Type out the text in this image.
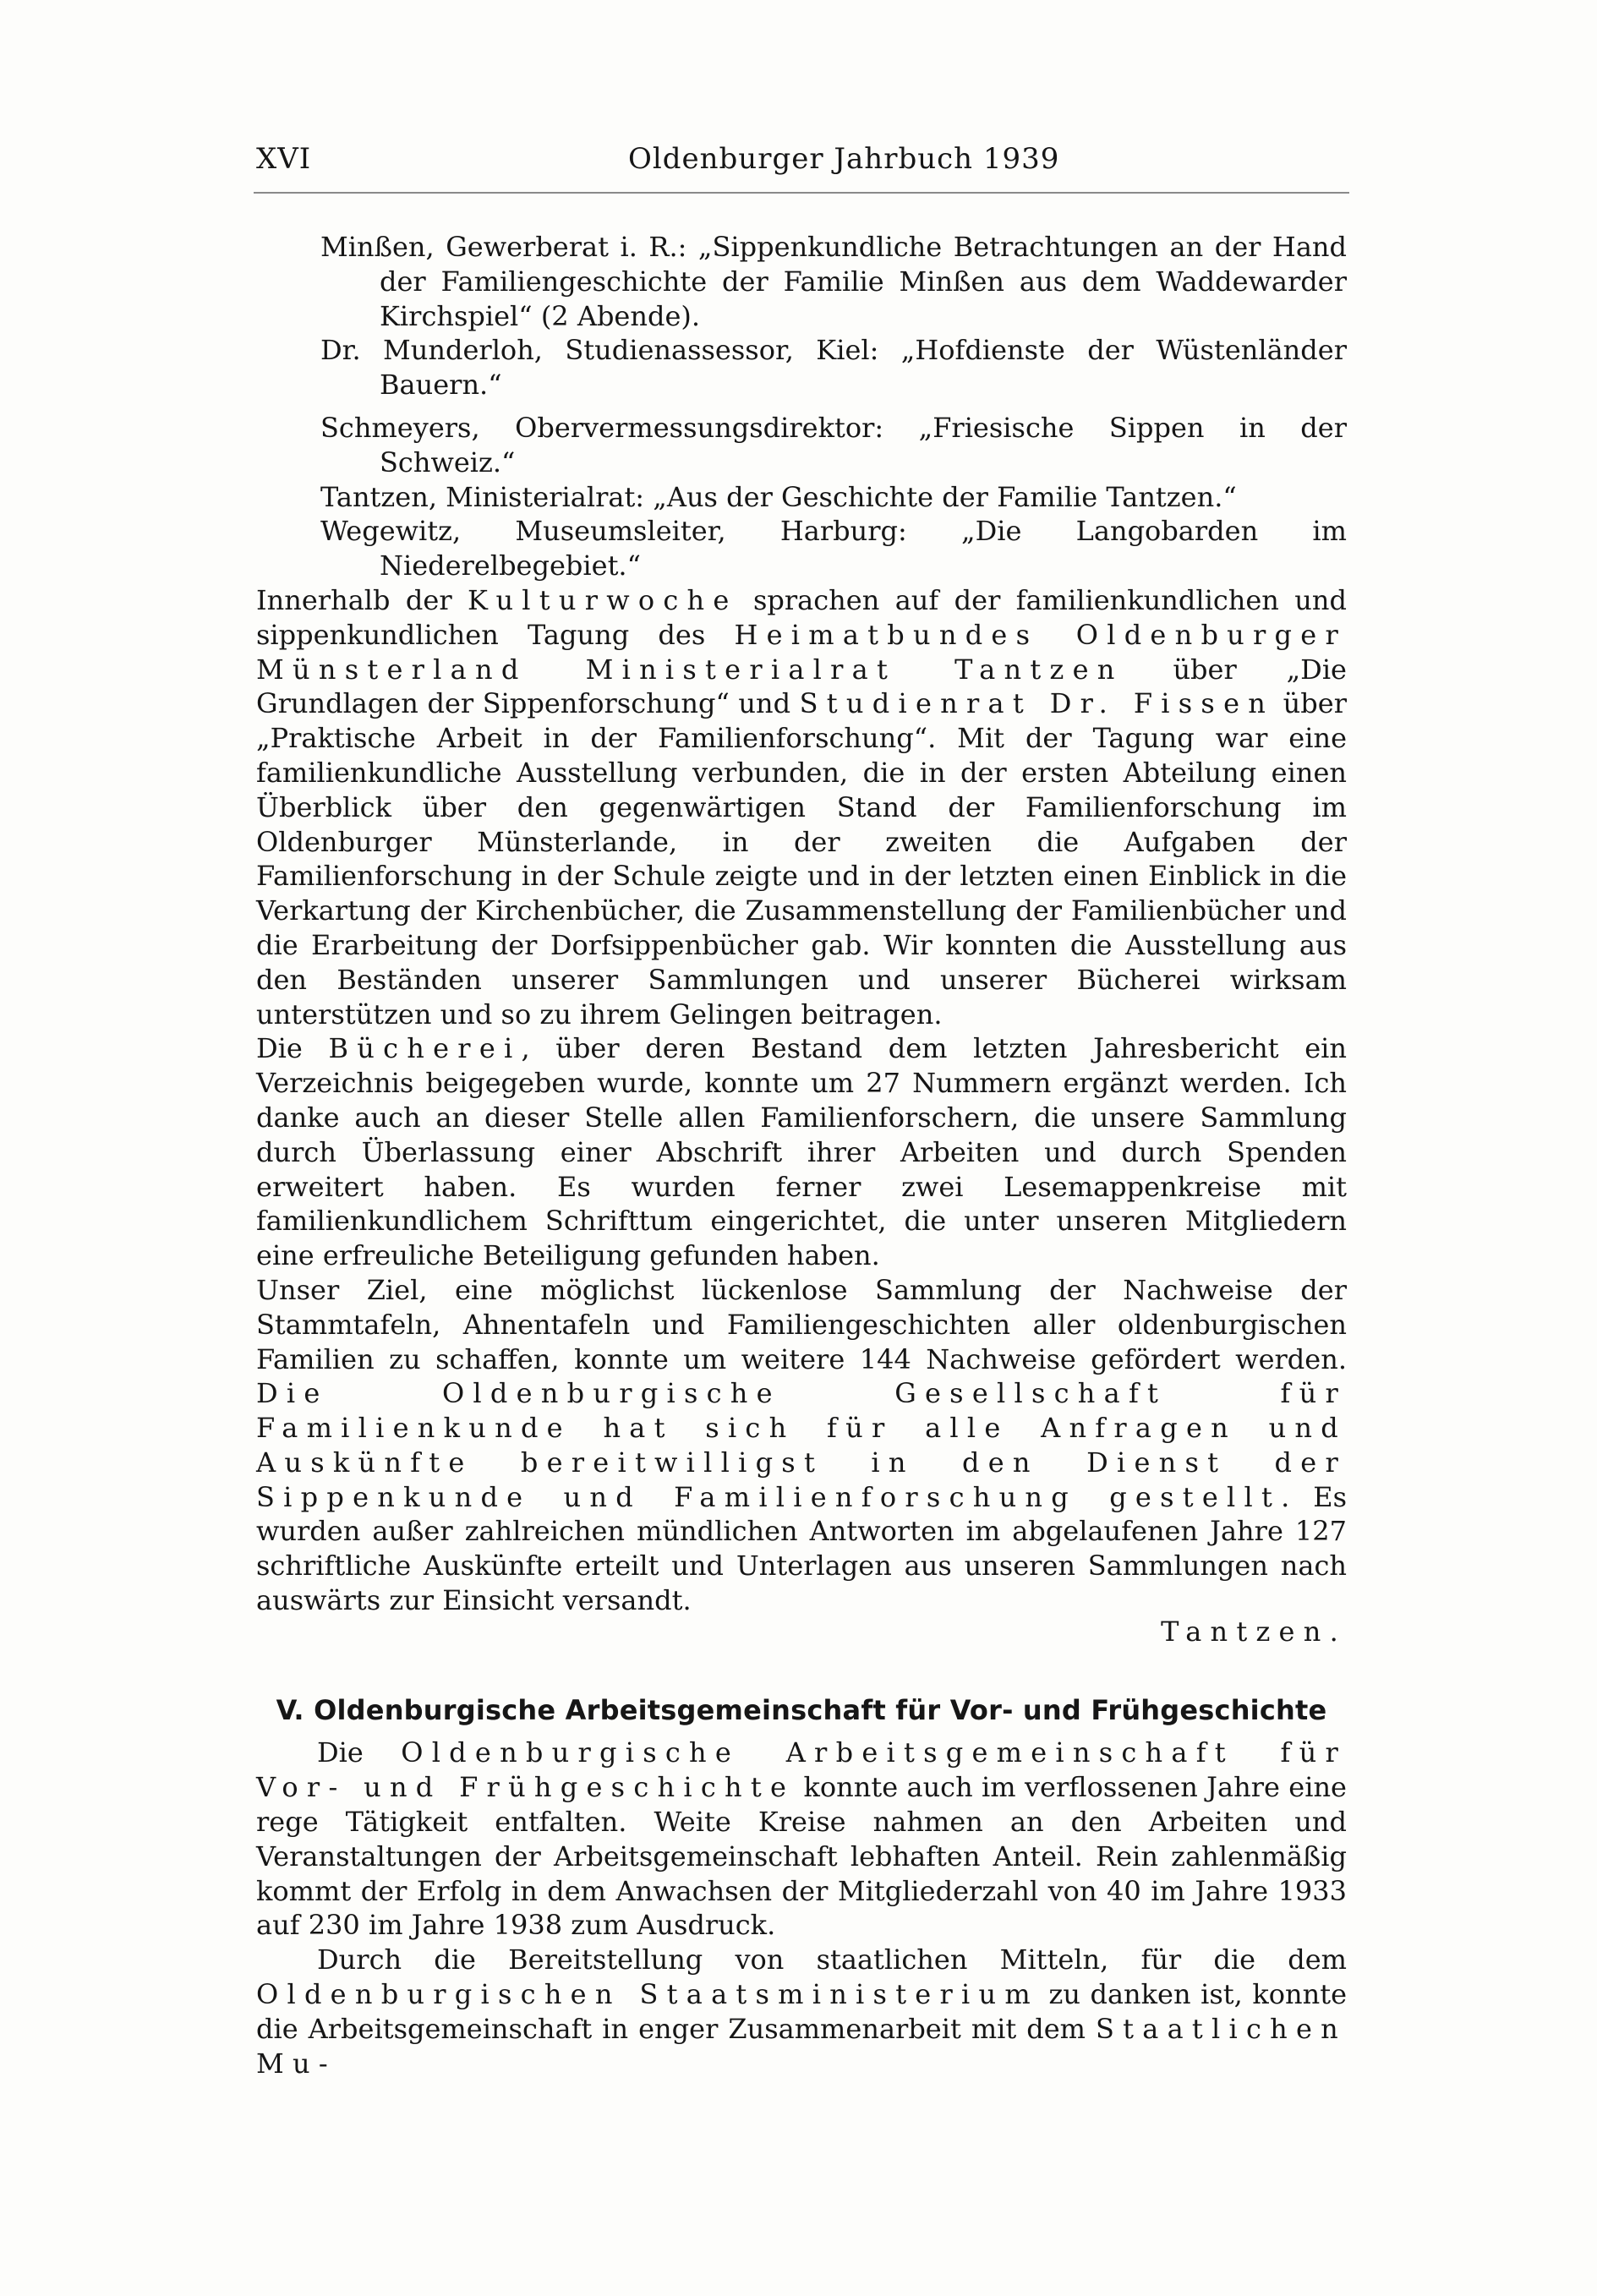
XVI	Oldenburger Jahrbuch 1939

Minßen, Gewerberat i. R.: „Sippenkundliche Betrachtungen an der Hand der Familiengeschichte der Familie Minßen aus dem Waddewarder Kirchspiel“ (2 Abende).

Dr. Munderloh, Studienassessor, Kiel: „Hofdienste der Wüstenländer Bauern.“

Schmeyers, Obervermessungsdirektor: „Friesische Sippen in der Schweiz.“

Tantzen, Ministerialrat: „Aus der Geschichte der Familie Tantzen.“

Wegewitz, Museumsleiter, Harburg: „Die Langobarden im Niederelbegebiet.“

Innerhalb der Kulturwoche sprachen auf der familienkundlichen und sippenkundlichen Tagung des Heimatbundes Oldenburger Münsterland Ministerialrat Tantzen über „Die Grundlagen der Sippenforschung“ und Studienrat Dr. Fissen über „Praktische Arbeit in der Familienforschung“. Mit der Tagung war eine familienkundliche Ausstellung verbunden, die in der ersten Abteilung einen Überblick über den gegenwärtigen Stand der Familienforschung im Oldenburger Münsterlande, in der zweiten die Aufgaben der Familienforschung in der Schule zeigte und in der letzten einen Einblick in die Verkartung der Kirchenbücher, die Zusammenstellung der Familienbücher und die Erarbeitung der Dorfsippenbücher gab. Wir konnten die Ausstellung aus den Beständen unserer Sammlungen und unserer Bücherei wirksam unterstützen und so zu ihrem Gelingen beitragen.

Die Bücherei, über deren Bestand dem letzten Jahresbericht ein Verzeichnis beigegeben wurde, konnte um 27 Nummern ergänzt werden. Ich danke auch an dieser Stelle allen Familienforschern, die unsere Sammlung durch Überlassung einer Abschrift ihrer Arbeiten und durch Spenden erweitert haben. Es wurden ferner zwei Lesemappenkreise mit familienkundlichem Schrifttum eingerichtet, die unter unseren Mitgliedern eine erfreuliche Beteiligung gefunden haben.

Unser Ziel, eine möglichst lückenlose Sammlung der Nachweise der Stammtafeln, Ahnentafeln und Familiengeschichten aller oldenburgischen Familien zu schaffen, konnte um weitere 144 Nachweise gefördert werden. Die Oldenburgische Gesellschaft für Familienkunde hat sich für alle Anfragen und Auskünfte bereitwilligst in den Dienst der Sippenkunde und Familienforschung gestellt. Es wurden außer zahlreichen mündlichen Antworten im abgelaufenen Jahre 127 schriftliche Auskünfte erteilt und Unterlagen aus unseren Sammlungen nach auswärts zur Einsicht versandt.

Tantzen.
V. Oldenburgische Arbeitsgemeinschaft für Vor- und Frühgeschichte

Die Oldenburgische Arbeitsgemeinschaft für Vor- und Frühgeschichte konnte auch im verflossenen Jahre eine rege Tätigkeit entfalten. Weite Kreise nahmen an den Arbeiten und Veranstaltungen der Arbeitsgemeinschaft lebhaften Anteil. Rein zahlenmäßig kommt der Erfolg in dem Anwachsen der Mitgliederzahl von 40 im Jahre 1933 auf 230 im Jahre 1938 zum Ausdruck.

Durch die Bereitstellung von staatlichen Mitteln, für die dem Oldenburgischen Staatsministerium zu danken ist, konnte die Arbeitsgemeinschaft in enger Zusammenarbeit mit dem Staatlichen Mu-
